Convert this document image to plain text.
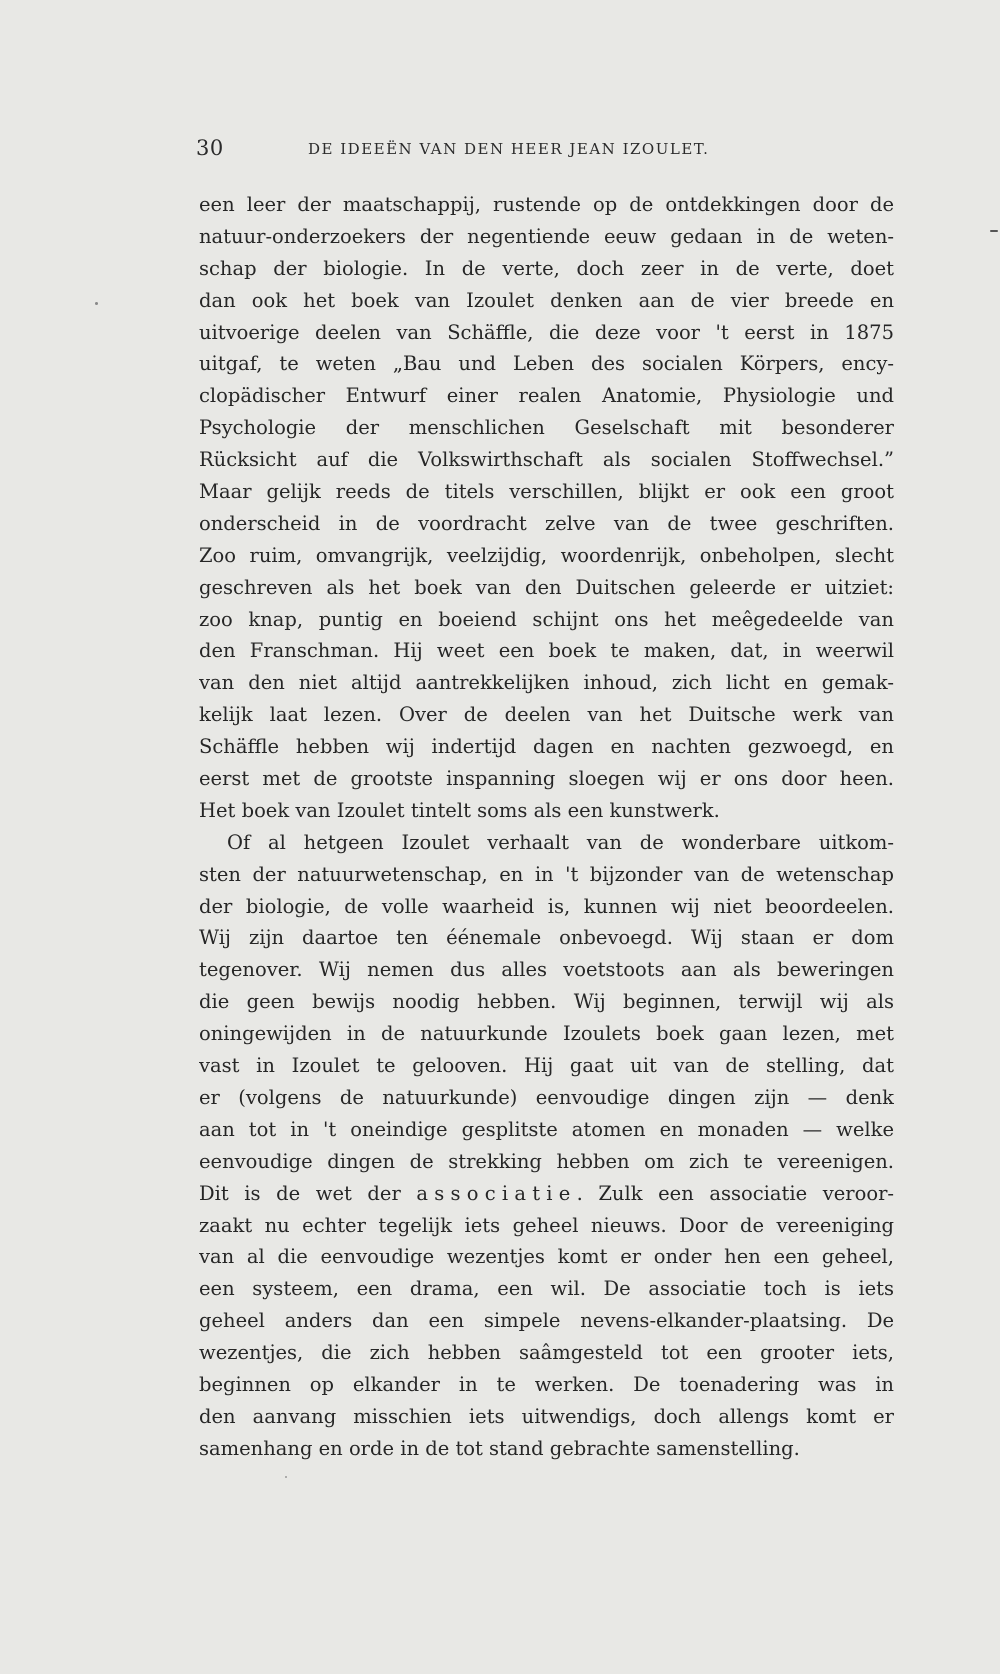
30	DE IDEEËN VAN DEN HEER JEAN IZOULET.
een leer der maatschappij, rustende op de ontdekkingen door de
natuur-onderzoekers der negentiende eeuw gedaan in de weten-
schap der biologie. In de verte, doch zeer in de verte, doet
dan ook het boek van Izoulet denken aan de vier breede en
uitvoerige deelen van Schäffle, die deze voor 't eerst in 1875
uitgaf, te weten „Bau und Leben des socialen Körpers, ency-
clopädischer Entwurf einer realen Anatomie, Physiologie und
Psychologie der menschlichen Geselschaft mit besonderer
Rücksicht auf die Volkswirthschaft als socialen Stoffwechsel.”
Maar gelijk reeds de titels verschillen, blijkt er ook een groot
onderscheid in de voordracht zelve van de twee geschriften.
Zoo ruim, omvangrijk, veelzijdig, woordenrijk, onbeholpen, slecht
geschreven als het boek van den Duitschen geleerde er uitziet:
zoo knap, puntig en boeiend schijnt ons het meêgedeelde van
den Franschman. Hij weet een boek te maken, dat, in weerwil
van den niet altijd aantrekkelijken inhoud, zich licht en gemak-
kelijk laat lezen. Over de deelen van het Duitsche werk van
Schäffle hebben wij indertijd dagen en nachten gezwoegd, en
eerst met de grootste inspanning sloegen wij er ons door heen.
Het boek van Izoulet tintelt soms als een kunstwerk.
Of al hetgeen Izoulet verhaalt van de wonderbare uitkom-
sten der natuurwetenschap, en in 't bijzonder van de wetenschap
der biologie, de volle waarheid is, kunnen wij niet beoordeelen.
Wij zijn daartoe ten éénemale onbevoegd. Wij staan er dom
tegenover. Wij nemen dus alles voetstoots aan als beweringen
die geen bewijs noodig hebben. Wij beginnen, terwijl wij als
oningewijden in de natuurkunde Izoulets boek gaan lezen, met
vast in Izoulet te gelooven. Hij gaat uit van de stelling, dat
er (volgens de natuurkunde) eenvoudige dingen zijn — denk
aan tot in 't oneindige gesplitste atomen en monaden — welke
eenvoudige dingen de strekking hebben om zich te vereenigen.
Dit is de wet der associatie. Zulk een associatie veroor-
zaakt nu echter tegelijk iets geheel nieuws. Door de vereeniging
van al die eenvoudige wezentjes komt er onder hen een geheel,
een systeem, een drama, een wil. De associatie toch is iets
geheel anders dan een simpele nevens-elkander-plaatsing. De
wezentjes, die zich hebben saâmgesteld tot een grooter iets,
beginnen op elkander in te werken. De toenadering was in
den aanvang misschien iets uitwendigs, doch allengs komt er
samenhang en orde in de tot stand gebrachte samenstelling.
